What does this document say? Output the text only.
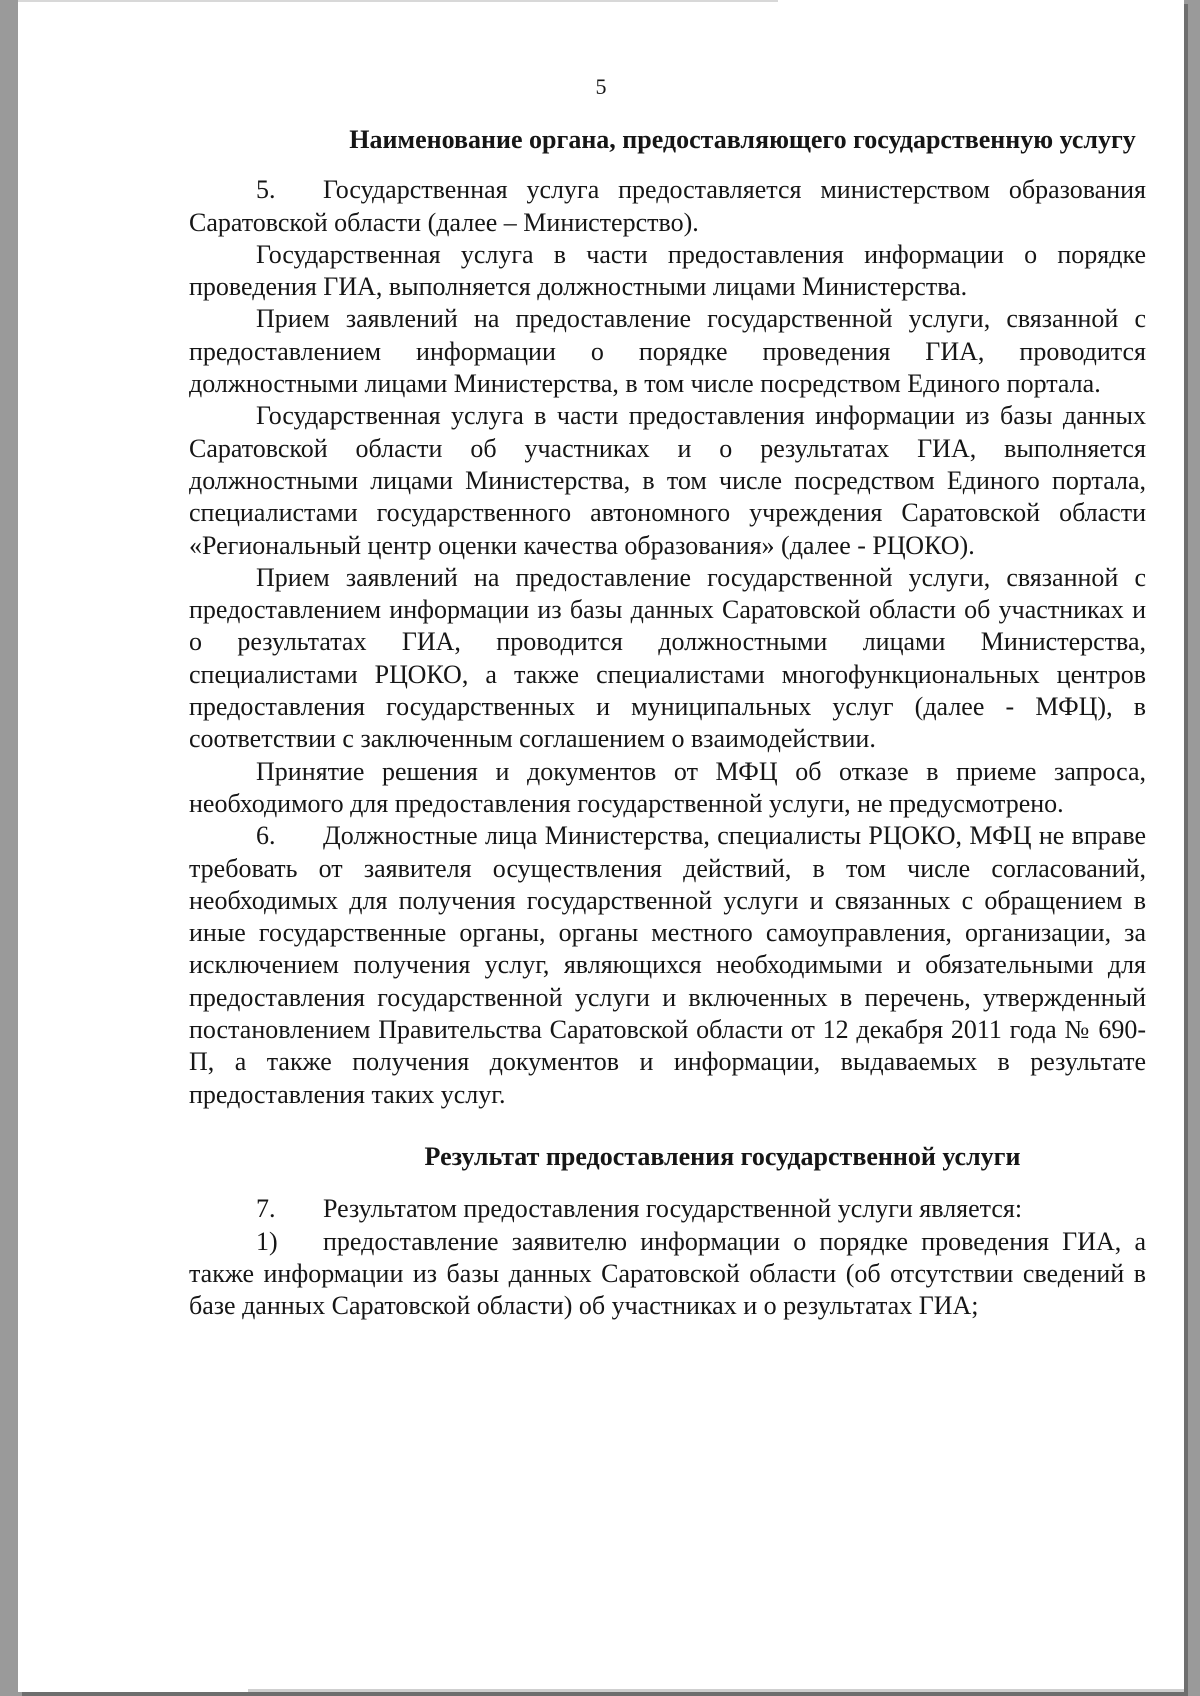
5

Наименование органа, предоставляющего государственную услугу

5. Государственная услуга предоставляется министерством образования Саратовской области (далее – Министерство).

Государственная услуга в части предоставления информации о порядке проведения ГИА, выполняется должностными лицами Министерства.

Прием заявлений на предоставление государственной услуги, связанной с предоставлением информации о порядке проведения ГИА, проводится должностными лицами Министерства, в том числе посредством Единого портала.

Государственная услуга в части предоставления информации из базы данных Саратовской области об участниках и о результатах ГИА, выполняется должностными лицами Министерства, в том числе посредством Единого портала, специалистами государственного автономного учреждения Саратовской области «Региональный центр оценки качества образования» (далее - РЦОКО).

Прием заявлений на предоставление государственной услуги, связанной с предоставлением информации из базы данных Саратовской области об участниках и о результатах ГИА, проводится должностными лицами Министерства, специалистами РЦОКО, а также специалистами многофункциональных центров предоставления государственных и муниципальных услуг (далее - МФЦ), в соответствии с заключенным соглашением о взаимодействии.

Принятие решения и документов от МФЦ об отказе в приеме запроса, необходимого для предоставления государственной услуги, не предусмотрено.

6. Должностные лица Министерства, специалисты РЦОКО, МФЦ не вправе требовать от заявителя осуществления действий, в том числе согласований, необходимых для получения государственной услуги и связанных с обращением в иные государственные органы, органы местного самоуправления, организации, за исключением получения услуг, являющихся необходимыми и обязательными для предоставления государственной услуги и включенных в перечень, утвержденный постановлением Правительства Саратовской области от 12 декабря 2011 года № 690-П, а также получения документов и информации, выдаваемых в результате предоставления таких услуг.

Результат предоставления государственной услуги

7. Результатом предоставления государственной услуги является:

1) предоставление заявителю информации о порядке проведения ГИА, а также информации из базы данных Саратовской области (об отсутствии сведений в базе данных Саратовской области) об участниках и о результатах ГИА;
